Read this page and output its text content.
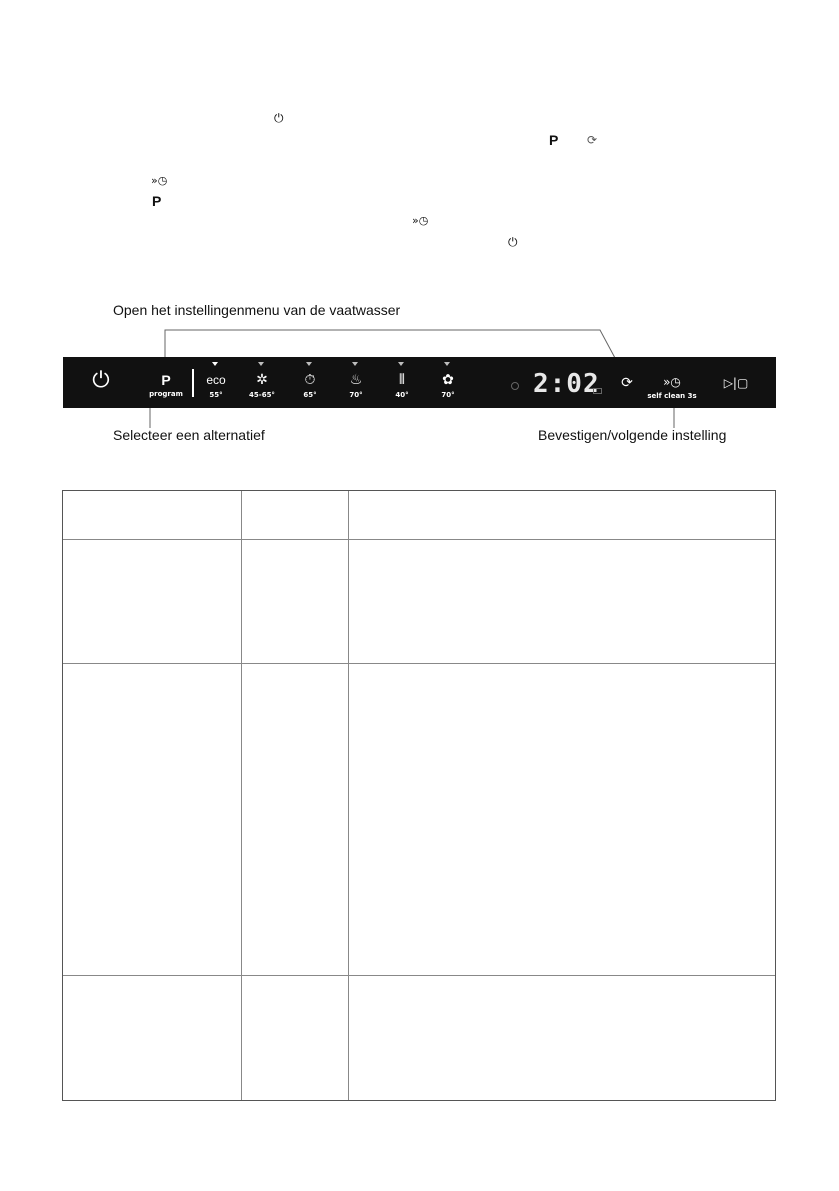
⏻
P ⟳
»◷
P
»◷
⏻
Open het instellingenmenu van de vaatwasser
Selecteer een alternatief	Bevestigen/volgende instelling
⏻	P
program
eco
55°
✲
45-65°
⏱
65°
♨
70°
⫴
40°
✿
70°	2:02 ⟳	»◷
self clean 3s
▷|▢
